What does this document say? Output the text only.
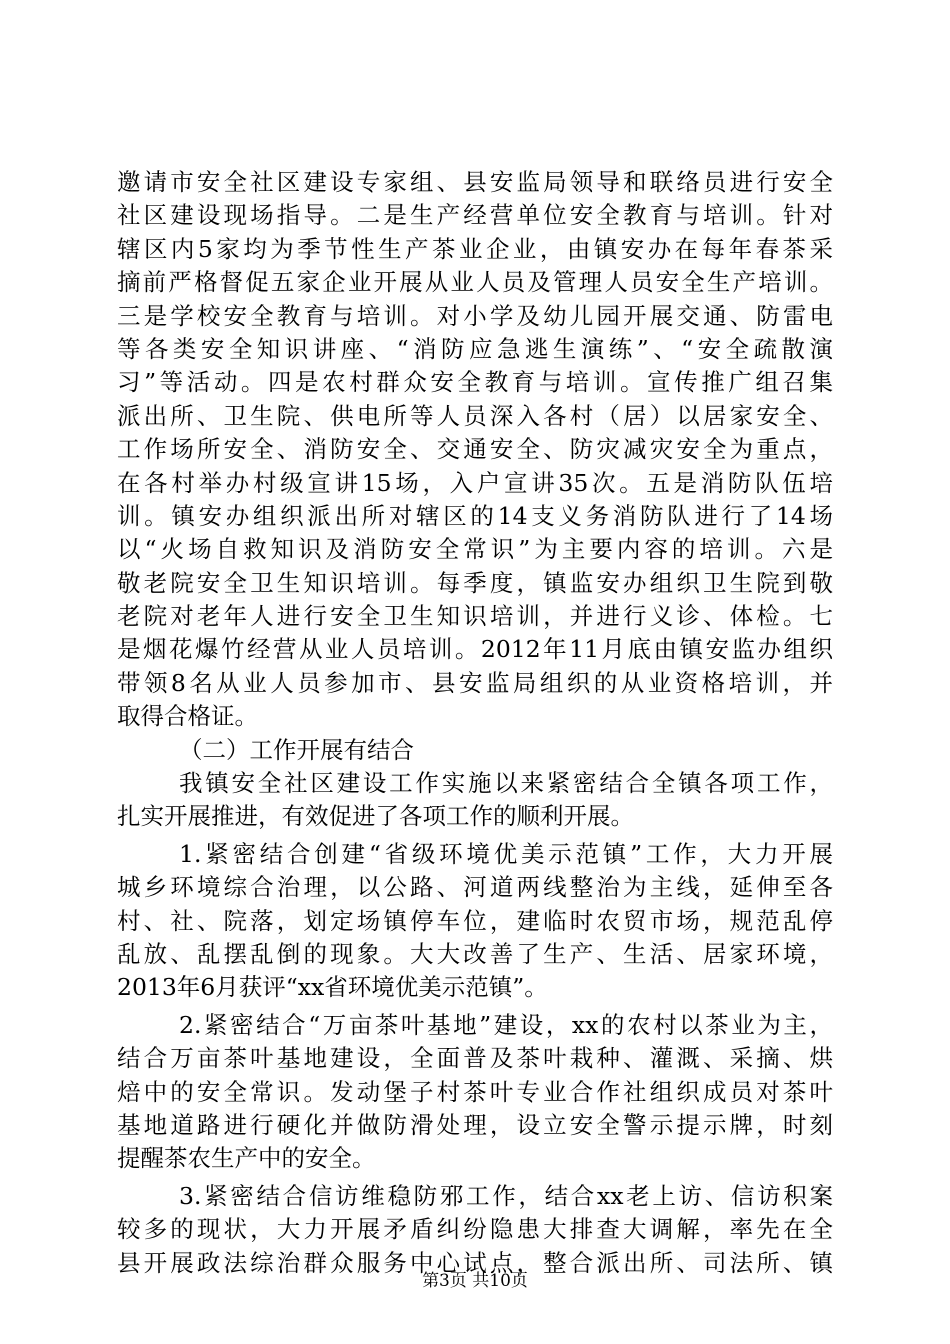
邀请市安全社区建设专家组、县安监局领导和联络员进行安全
社区建设现场指导。二是生产经营单位安全教育与培训。针对
辖区内5家均为季节性生产茶业企业，由镇安办在每年春茶采
摘前严格督促五家企业开展从业人员及管理人员安全生产培训。
三是学校安全教育与培训。对小学及幼儿园开展交通、防雷电
等各类安全知识讲座、“消防应急逃生演练”、“安全疏散演
习”等活动。四是农村群众安全教育与培训。宣传推广组召集
派出所、卫生院、供电所等人员深入各村（居）以居家安全、
工作场所安全、消防安全、交通安全、防灾减灾安全为重点，
在各村举办村级宣讲15场，入户宣讲35次。五是消防队伍培
训。镇安办组织派出所对辖区的14支义务消防队进行了14场
以“火场自救知识及消防安全常识”为主要内容的培训。六是
敬老院安全卫生知识培训。每季度，镇监安办组织卫生院到敬
老院对老年人进行安全卫生知识培训，并进行义诊、体检。七
是烟花爆竹经营从业人员培训。2012年11月底由镇安监办组织
带领8名从业人员参加市、县安监局组织的从业资格培训，并
取得合格证。
（二）工作开展有结合
我镇安全社区建设工作实施以来紧密结合全镇各项工作，
扎实开展推进，有效促进了各项工作的顺利开展。
1.紧密结合创建“省级环境优美示范镇”工作，大力开展
城乡环境综合治理，以公路、河道两线整治为主线，延伸至各
村、社、院落，划定场镇停车位，建临时农贸市场，规范乱停
乱放、乱摆乱倒的现象。大大改善了生产、生活、居家环境，
2013年6月获评“xx省环境优美示范镇”。
2.紧密结合“万亩茶叶基地”建设，xx的农村以茶业为主，
结合万亩茶叶基地建设，全面普及茶叶栽种、灌溉、采摘、烘
焙中的安全常识。发动堡子村茶叶专业合作社组织成员对茶叶
基地道路进行硬化并做防滑处理，设立安全警示提示牌，时刻
提醒茶农生产中的安全。
3.紧密结合信访维稳防邪工作，结合xx老上访、信访积案
较多的现状，大力开展矛盾纠纷隐患大排查大调解，率先在全
县开展政法综治群众服务中心试点，整合派出所、司法所、镇
第3页 共10页
